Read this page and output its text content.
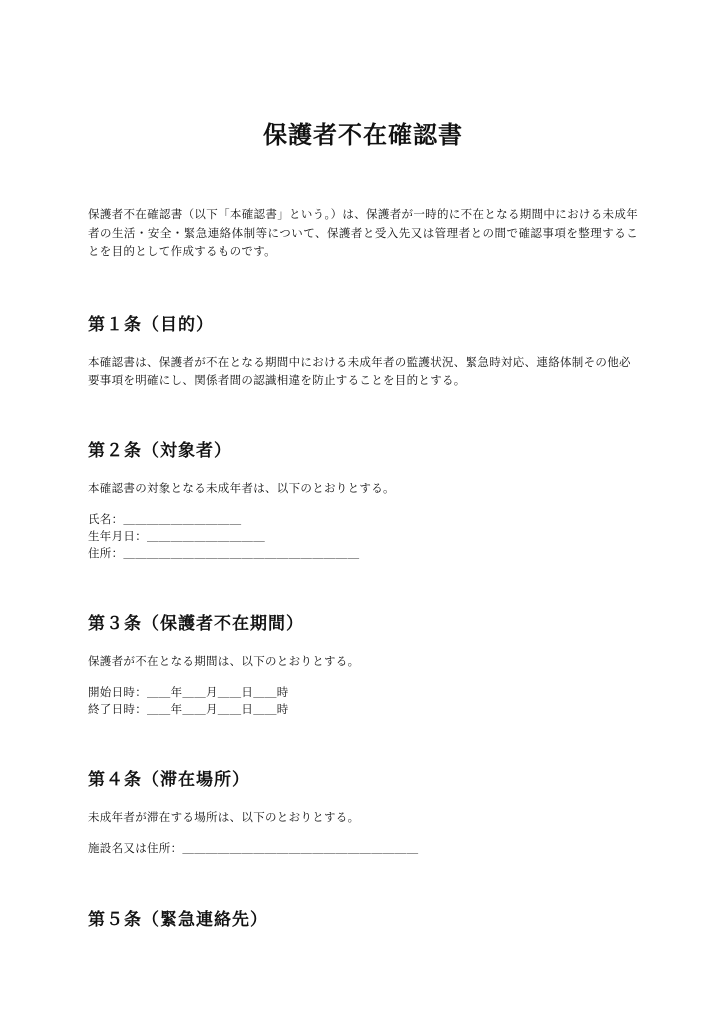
保護者不在確認書

保護者不在確認書（以下「本確認書」という。）は、保護者が一時的に不在となる期間中における未成年者の生活・安全・緊急連絡体制等について、保護者と受入先又は管理者との間で確認事項を整理することを目的として作成するものです。

第１条（目的）

本確認書は、保護者が不在となる期間中における未成年者の監護状況、緊急時対応、連絡体制その他必要事項を明確にし、関係者間の認識相違を防止することを目的とする。

第２条（対象者）

本確認書の対象となる未成年者は、以下のとおりとする。

氏名：＿＿＿＿＿＿＿＿＿＿
生年月日：＿＿＿＿＿＿＿＿＿＿
住所：＿＿＿＿＿＿＿＿＿＿＿＿＿＿＿＿＿＿＿＿
第３条（保護者不在期間）

保護者が不在となる期間は、以下のとおりとする。

開始日時：＿＿年＿＿月＿＿日＿＿時
終了日時：＿＿年＿＿月＿＿日＿＿時
第４条（滞在場所）

未成年者が滞在する場所は、以下のとおりとする。

施設名又は住所：＿＿＿＿＿＿＿＿＿＿＿＿＿＿＿＿＿＿＿＿
第５条（緊急連絡先）
